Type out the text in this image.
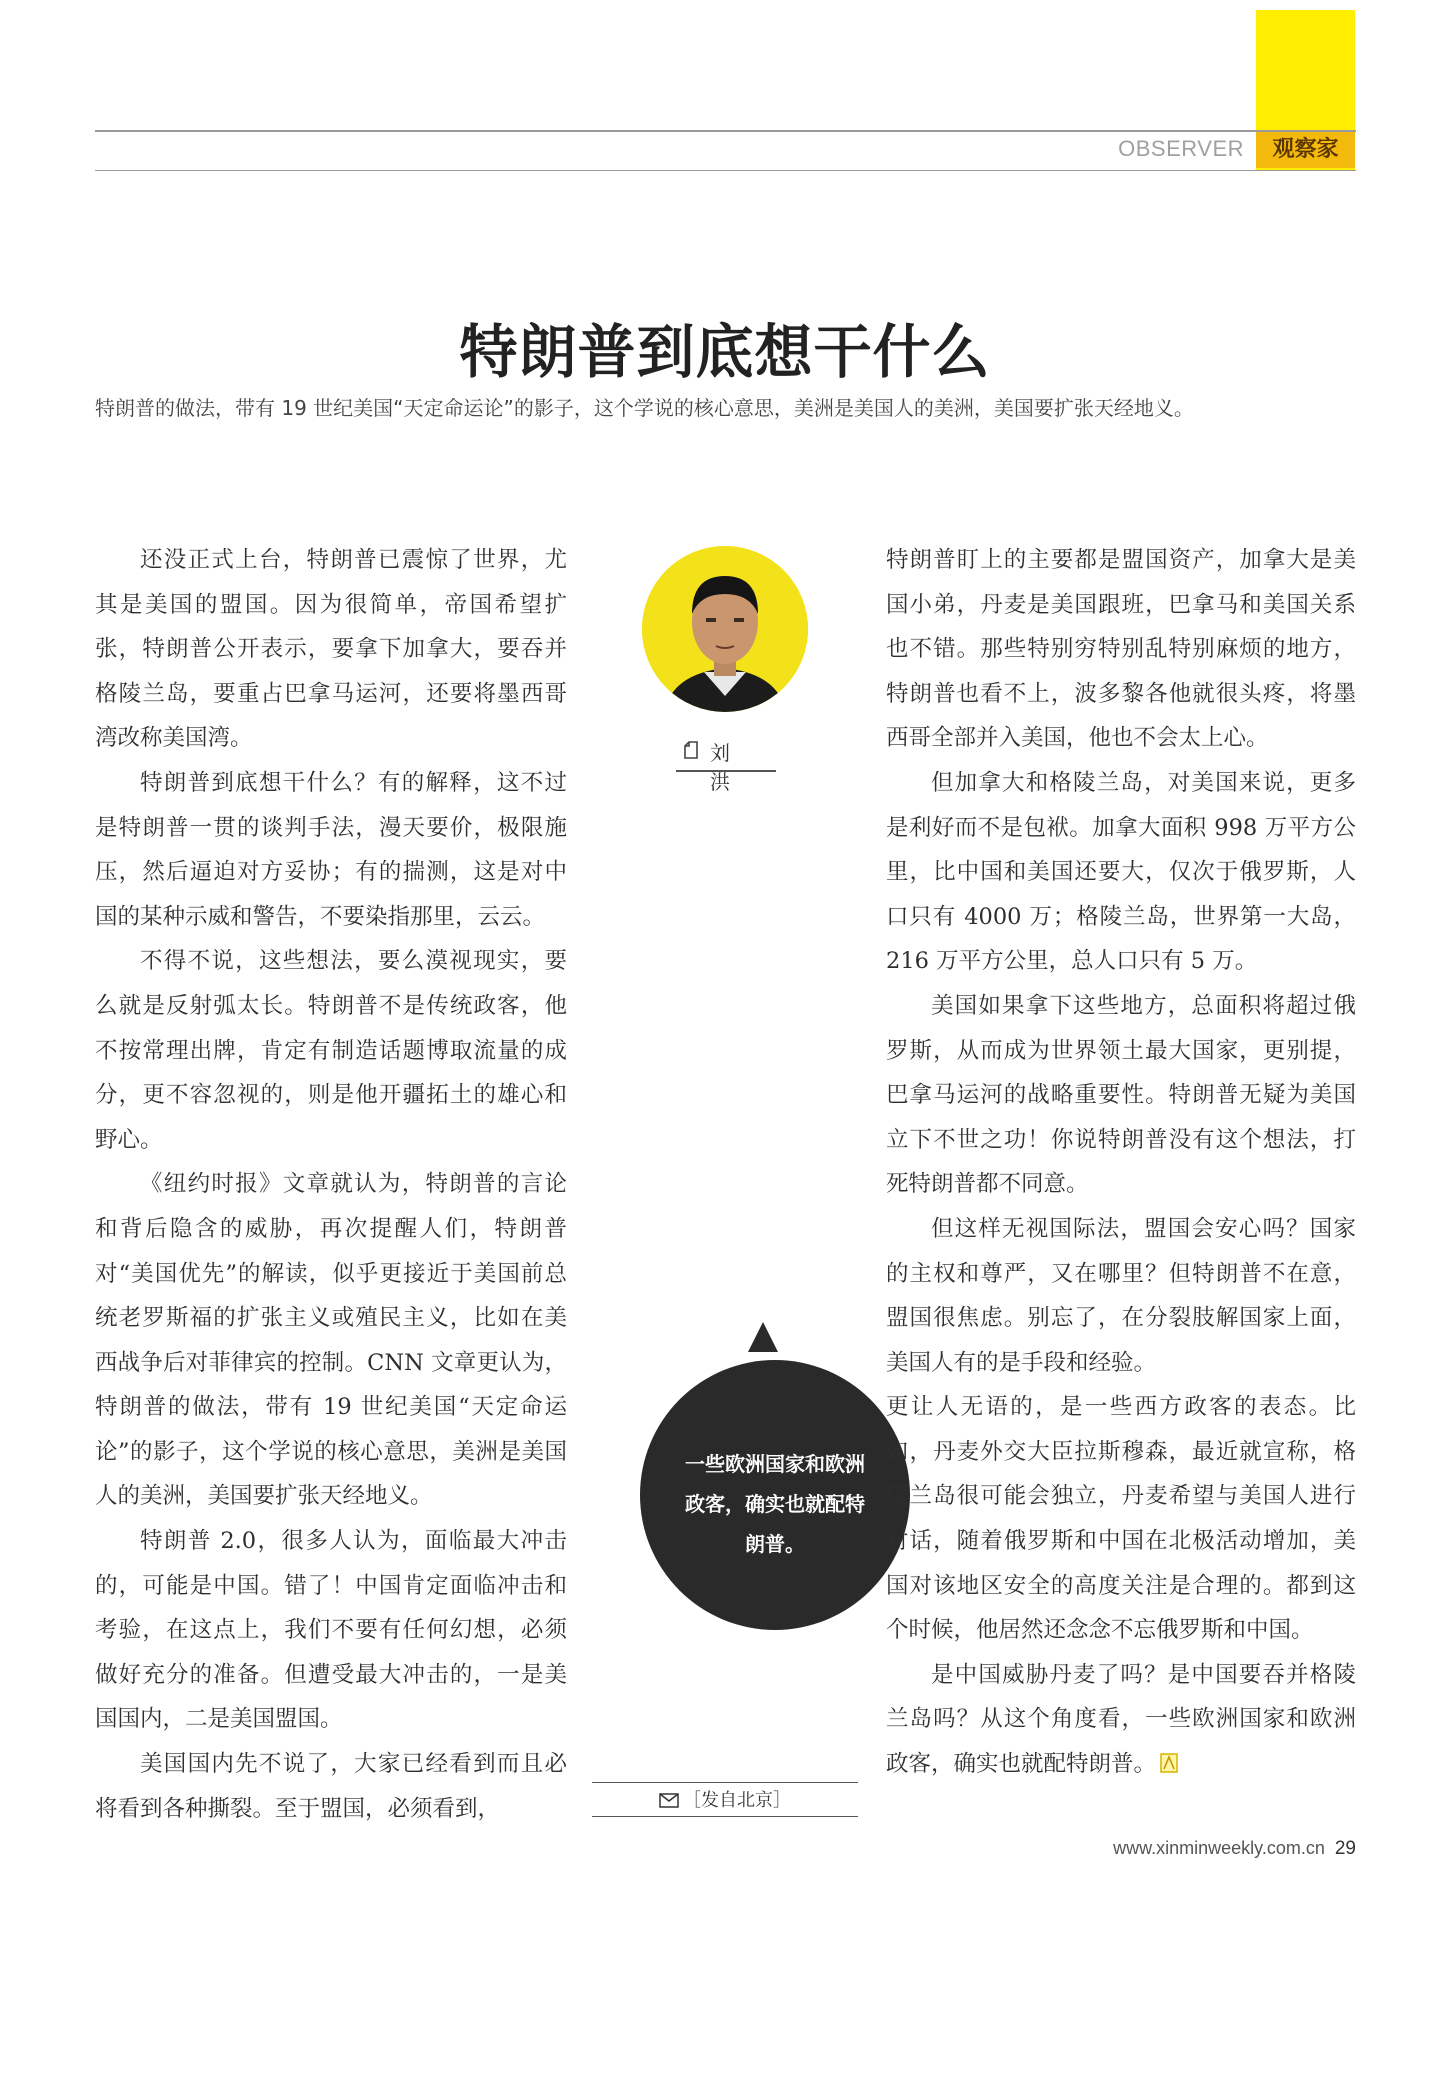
OBSERVER	观察家
特朗普到底想干什么
特朗普的做法，带有 19 世纪美国“天定命运论”的影子，这个学说的核心意思，美洲是美国人的美洲，美国要扩张天经地义。

还没正式上台，特朗普已震惊了世界，尤其是美国的盟国。因为很简单，帝国希望扩张，特朗普公开表示，要拿下加拿大，要吞并格陵兰岛，要重占巴拿马运河，还要将墨西哥湾改称美国湾。

特朗普到底想干什么？有的解释，这不过是特朗普一贯的谈判手法，漫天要价，极限施压，然后逼迫对方妥协；有的揣测，这是对中国的某种示威和警告，不要染指那里，云云。

不得不说，这些想法，要么漠视现实，要么就是反射弧太长。特朗普不是传统政客，他不按常理出牌，肯定有制造话题博取流量的成分，更不容忽视的，则是他开疆拓土的雄心和野心。

《纽约时报》文章就认为，特朗普的言论和背后隐含的威胁，再次提醒人们，特朗普对“美国优先”的解读，似乎更接近于美国前总统老罗斯福的扩张主义或殖民主义，比如在美西战争后对菲律宾的控制。CNN 文章更认为，特朗普的做法，带有 19 世纪美国“天定命运论”的影子，这个学说的核心意思，美洲是美国人的美洲，美国要扩张天经地义。

特朗普 2.0，很多人认为，面临最大冲击的，可能是中国。错了！中国肯定面临冲击和考验，在这点上，我们不要有任何幻想，必须做好充分的准备。但遭受最大冲击的，一是美国国内，二是美国盟国。

美国国内先不说了，大家已经看到而且必将看到各种撕裂。至于盟国，必须看到，

刘 洪
一些欧洲国家和欧洲政客，确实也就配特朗普。
［发自北京］

特朗普盯上的主要都是盟国资产，加拿大是美国小弟，丹麦是美国跟班，巴拿马和美国关系也不错。那些特别穷特别乱特别麻烦的地方，特朗普也看不上，波多黎各他就很头疼，将墨西哥全部并入美国，他也不会太上心。

但加拿大和格陵兰岛，对美国来说，更多是利好而不是包袱。加拿大面积 998 万平方公里，比中国和美国还要大，仅次于俄罗斯，人口只有 4000 万；格陵兰岛，世界第一大岛，216 万平方公里，总人口只有 5 万。

美国如果拿下这些地方，总面积将超过俄罗斯，从而成为世界领土最大国家，更别提，巴拿马运河的战略重要性。特朗普无疑为美国立下不世之功！你说特朗普没有这个想法，打死特朗普都不同意。

但这样无视国际法，盟国会安心吗？国家的主权和尊严，又在哪里？但特朗普不在意，盟国很焦虑。别忘了，在分裂肢解国家上面，美国人有的是手段和经验。

更让人无语的，是一些西方政客的表态。比如，丹麦外交大臣拉斯穆森，最近就宣称，格陵兰岛很可能会独立，丹麦希望与美国人进行对话，随着俄罗斯和中国在北极活动增加，美国对该地区安全的高度关注是合理的。都到这个时候，他居然还念念不忘俄罗斯和中国。

是中国威胁丹麦了吗？是中国要吞并格陵兰岛吗？从这个角度看，一些欧洲国家和欧洲政客，确实也就配特朗普。

www.xinminweekly.com.cn 29
